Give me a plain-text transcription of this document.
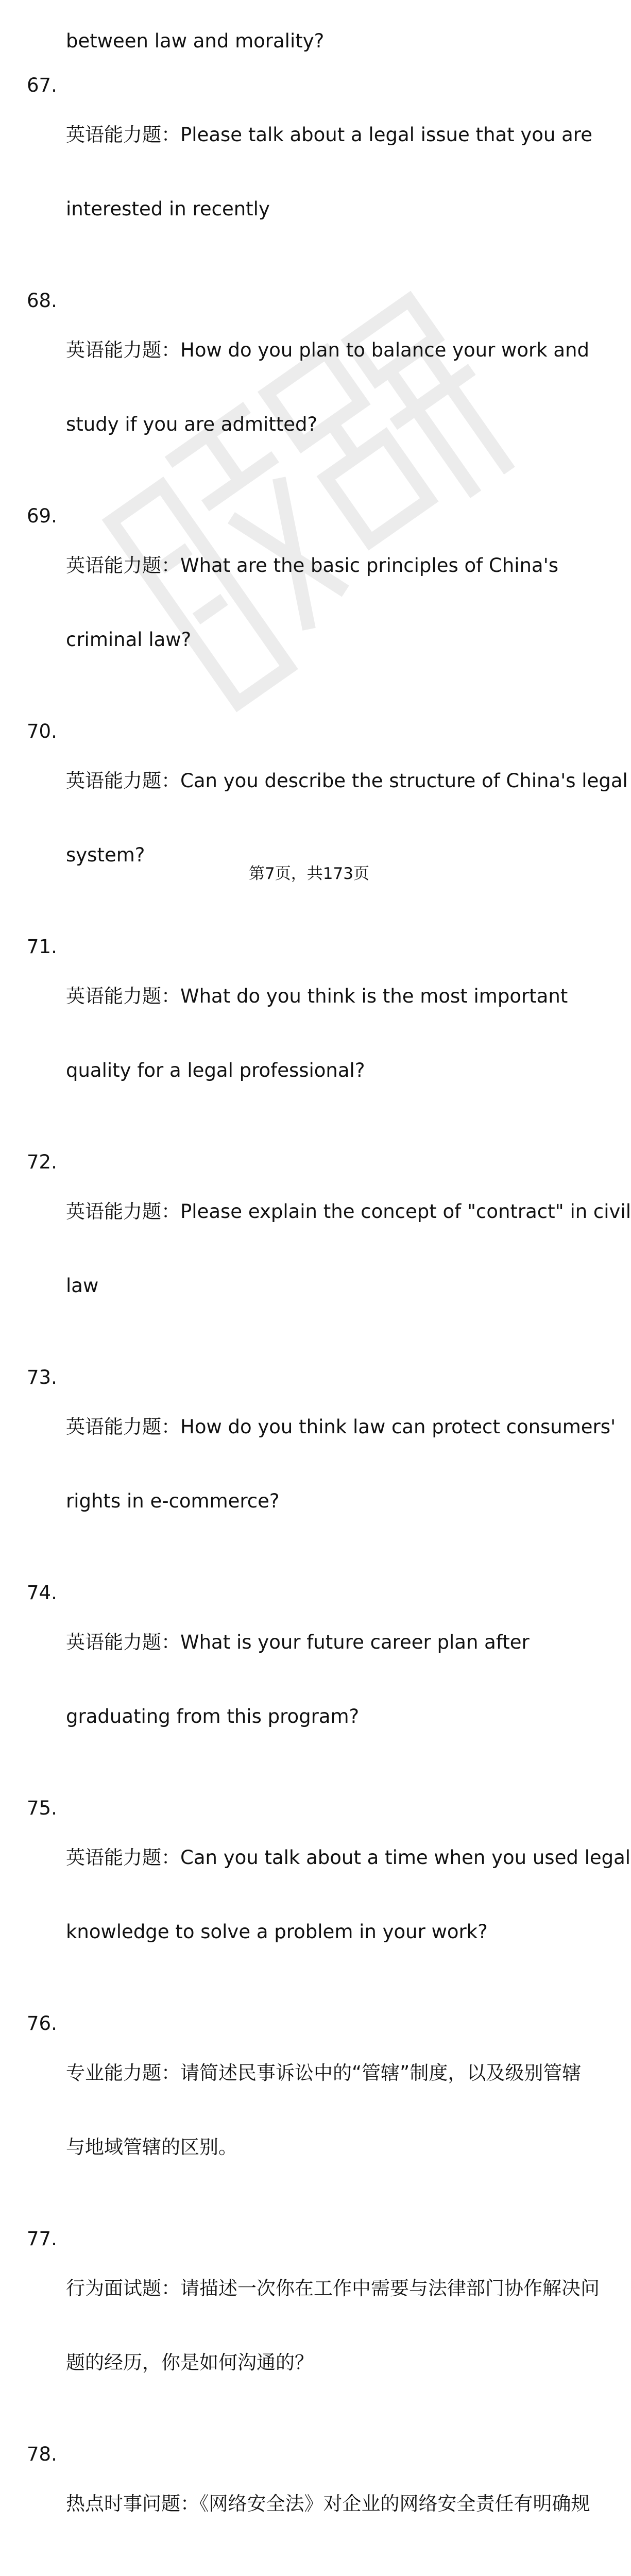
between law and morality?
67.

英语能力题：Please talk about a legal issue that you are

interested in recently

68.

英语能力题：How do you plan to balance your work and

study if you are admitted?

69.

英语能力题：What are the basic principles of China's

criminal law?

70.

英语能力题：Can you describe the structure of China's legal

system?

71.

英语能力题：What do you think is the most important

quality for a legal professional?

72.

英语能力题：Please explain the concept of "contract" in civil

law

73.

英语能力题：How do you think law can protect consumers'

rights in e-commerce?

74.

英语能力题：What is your future career plan after

graduating from this program?

75.

英语能力题：Can you talk about a time when you used legal

knowledge to solve a problem in your work?

76.

专业能力题：请简述民事诉讼中的“管辖”制度，以及级别管辖

与地域管辖的区别。

77.

行为面试题：请描述一次你在工作中需要与法律部门协作解决问

题的经历，你是如何沟通的？

78.

热点时事问题：《网络安全法》对企业的网络安全责任有明确规

第7页，共173页
